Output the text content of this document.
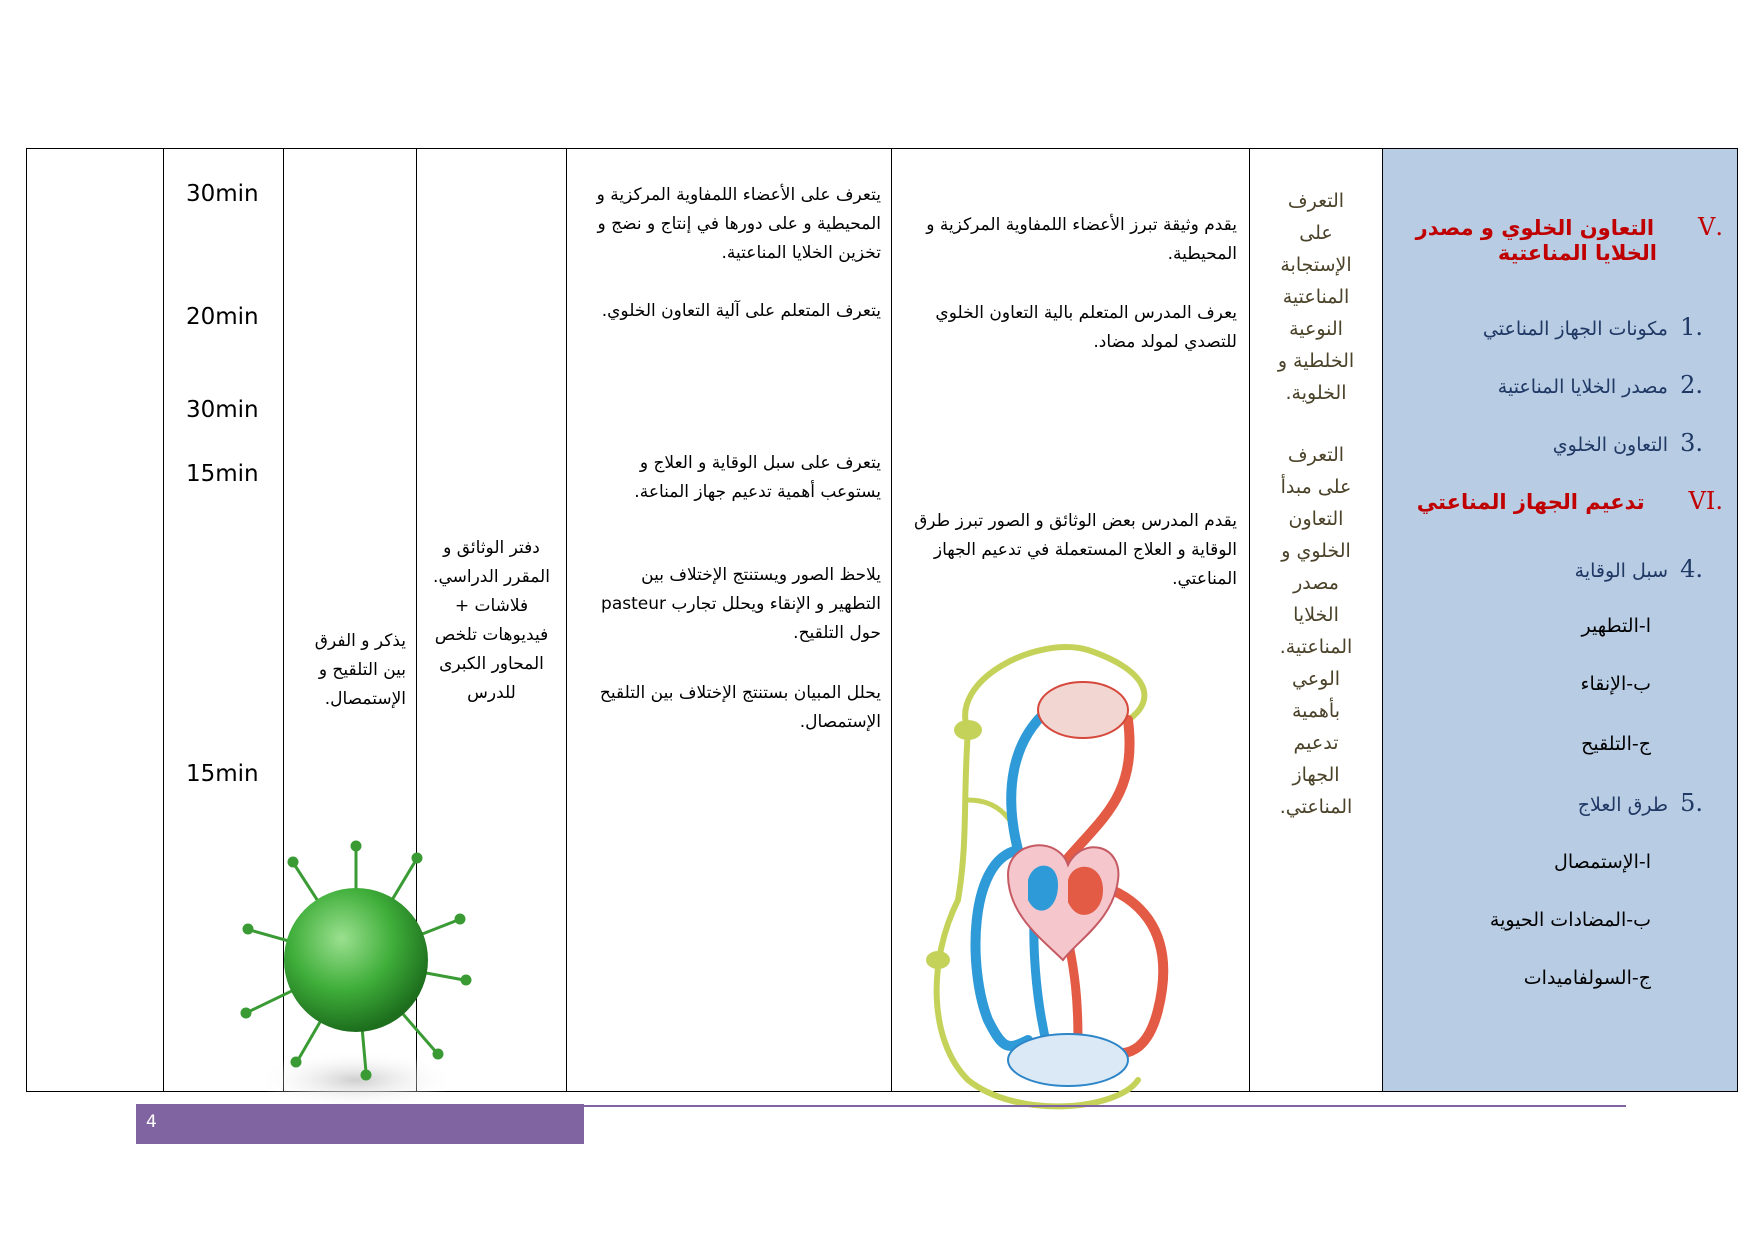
30min
20min
30min
15min
15min
يذكر و الفرق بين التلقيح و الإستمصال.
دفتر الوثائق و المقرر الدراسي. فلاشات + فيديوهات تلخص المحاور الكبرى للدرس
يتعرف على الأعضاء اللمفاوية المركزية و المحيطية و على دورها في إنتاج و نضج و تخزين الخلايا المناعتية.
يتعرف المتعلم على آلية التعاون الخلوي.
يتعرف على سبل الوقاية و العلاج و يستوعب أهمية تدعيم جهاز المناعة.
يلاحظ الصور ويستنتج الإختلاف بين التطهير و الإنقاء ويحلل تجارب pasteur حول التلقيح.
يحلل المبيان بستنتج الإختلاف بين التلقيح الإستمصال.
يقدم وثيقة تبرز الأعضاء اللمفاوية المركزية و المحيطية.
يعرف المدرس المتعلم بالية التعاون الخلوي للتصدي لمولد مضاد.
يقدم المدرس بعض الوثائق و الصور تبرز طرق الوقاية و العلاج المستعملة في تدعيم الجهاز المناعتي.
التعرف على الإستجابة المناعتية النوعية الخلطية و الخلوية.
التعرف على مبدأ التعاون الخلوي و مصدر الخلايا المناعتية. الوعي بأهمية تدعيم الجهاز المناعتي.
.V      التعاون الخلوي و مصدر
الخلايا المناعتية
.1  مكونات الجهاز المناعتي
.2  مصدر الخلايا المناعتية
.3  التعاون الخلوي
.VI      تدعيم الجهاز المناعتي
.4  سبل الوقاية
ا-التطهير
ب-الإنقاء
ج-التلقيح
.5  طرق العلاج
ا-الإستمصال
ب-المضادات الحيوية
ج-السولفاميدات
4
